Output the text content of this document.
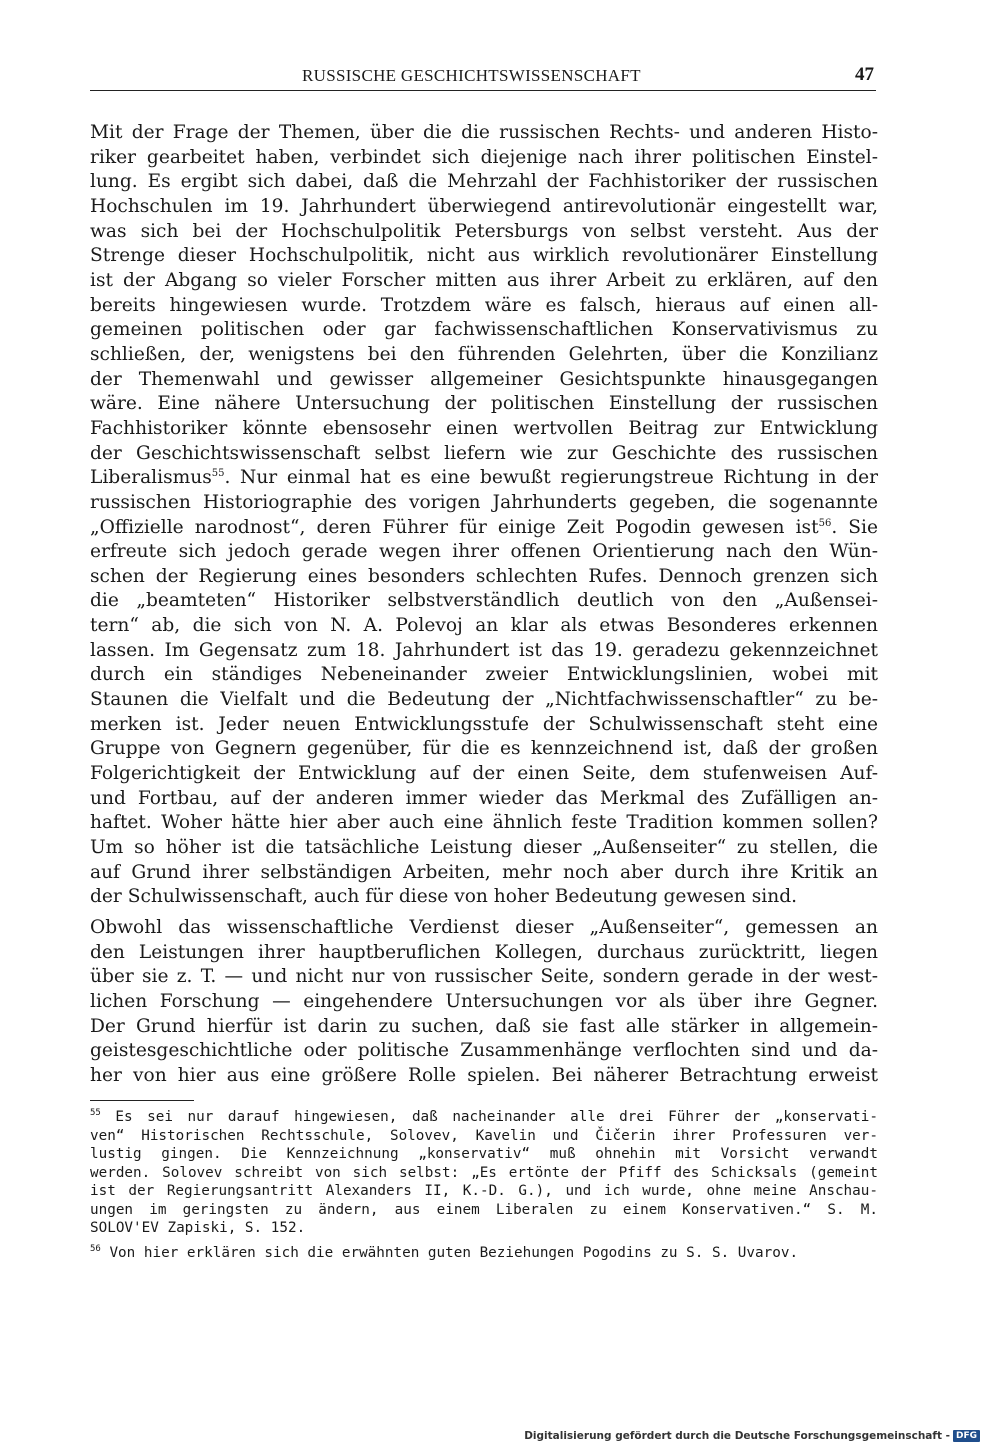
RUSSISCHE GESCHICHTSWISSENSCHAFT	47
Mit der Frage der Themen, über die die russischen Rechts- und anderen Histo-
riker gearbeitet haben, verbindet sich diejenige nach ihrer politischen Einstel-
lung. Es ergibt sich dabei, daß die Mehrzahl der Fachhistoriker der russischen
Hochschulen im 19. Jahrhundert überwiegend antirevolutionär eingestellt war,
was sich bei der Hochschulpolitik Petersburgs von selbst versteht. Aus der
Strenge dieser Hochschulpolitik, nicht aus wirklich revolutionärer Einstellung
ist der Abgang so vieler Forscher mitten aus ihrer Arbeit zu erklären, auf den
bereits hingewiesen wurde. Trotzdem wäre es falsch, hieraus auf einen all-
gemeinen politischen oder gar fachwissenschaftlichen Konservativismus zu
schließen, der, wenigstens bei den führenden Gelehrten, über die Konzilianz
der Themenwahl und gewisser allgemeiner Gesichtspunkte hinausgegangen
wäre. Eine nähere Untersuchung der politischen Einstellung der russischen
Fachhistoriker könnte ebensosehr einen wertvollen Beitrag zur Entwicklung
der Geschichtswissenschaft selbst liefern wie zur Geschichte des russischen
Liberalismus$^{55}$. Nur einmal hat es eine bewußt regierungstreue Richtung in der
russischen Historiographie des vorigen Jahrhunderts gegeben, die sogenannte
„Offizielle narodnost“, deren Führer für einige Zeit Pogodin gewesen ist$^{56}$. Sie
erfreute sich jedoch gerade wegen ihrer offenen Orientierung nach den Wün-
schen der Regierung eines besonders schlechten Rufes. Dennoch grenzen sich
die „beamteten“ Historiker selbstverständlich deutlich von den „Außensei-
tern“ ab, die sich von N. A. Polevoj an klar als etwas Besonderes erkennen
lassen. Im Gegensatz zum 18. Jahrhundert ist das 19. geradezu gekennzeichnet
durch ein ständiges Nebeneinander zweier Entwicklungslinien, wobei mit
Staunen die Vielfalt und die Bedeutung der „Nichtfachwissenschaftler“ zu be-
merken ist. Jeder neuen Entwicklungsstufe der Schulwissenschaft steht eine
Gruppe von Gegnern gegenüber, für die es kennzeichnend ist, daß der großen
Folgerichtigkeit der Entwicklung auf der einen Seite, dem stufenweisen Auf-
und Fortbau, auf der anderen immer wieder das Merkmal des Zufälligen an-
haftet. Woher hätte hier aber auch eine ähnlich feste Tradition kommen sollen?
Um so höher ist die tatsächliche Leistung dieser „Außenseiter“ zu stellen, die
auf Grund ihrer selbständigen Arbeiten, mehr noch aber durch ihre Kritik an
der Schulwissenschaft, auch für diese von hoher Bedeutung gewesen sind.
Obwohl das wissenschaftliche Verdienst dieser „Außenseiter“, gemessen an
den Leistungen ihrer hauptberuflichen Kollegen, durchaus zurücktritt, liegen
über sie z. T. — und nicht nur von russischer Seite, sondern gerade in der west-
lichen Forschung — eingehendere Untersuchungen vor als über ihre Gegner.
Der Grund hierfür ist darin zu suchen, daß sie fast alle stärker in allgemein-
geistesgeschichtliche oder politische Zusammenhänge verflochten sind und da-
her von hier aus eine größere Rolle spielen. Bei näherer Betrachtung erweist
$^{55}$ Es sei nur darauf hingewiesen, daß nacheinander alle drei Führer der „konservati-
ven“ Historischen Rechtsschule, Solovev, Kavelin und Čičerin ihrer Professuren ver-
lustig gingen. Die Kennzeichnung „konservativ“ muß ohnehin mit Vorsicht verwandt
werden. Solovev schreibt von sich selbst: „Es ertönte der Pfiff des Schicksals (gemeint
ist der Regierungsantritt Alexanders II, K.-D. G.), und ich wurde, ohne meine Anschau-
ungen im geringsten zu ändern, aus einem Liberalen zu einem Konservativen.“ S. M.
SOLOV'EV Zapiski, S. 152.
$^{56}$ Von hier erklären sich die erwähnten guten Beziehungen Pogodins zu S. S. Uvarov.
Digitalisierung gefördert durch die Deutsche Forschungsgemeinschaft - DFG
